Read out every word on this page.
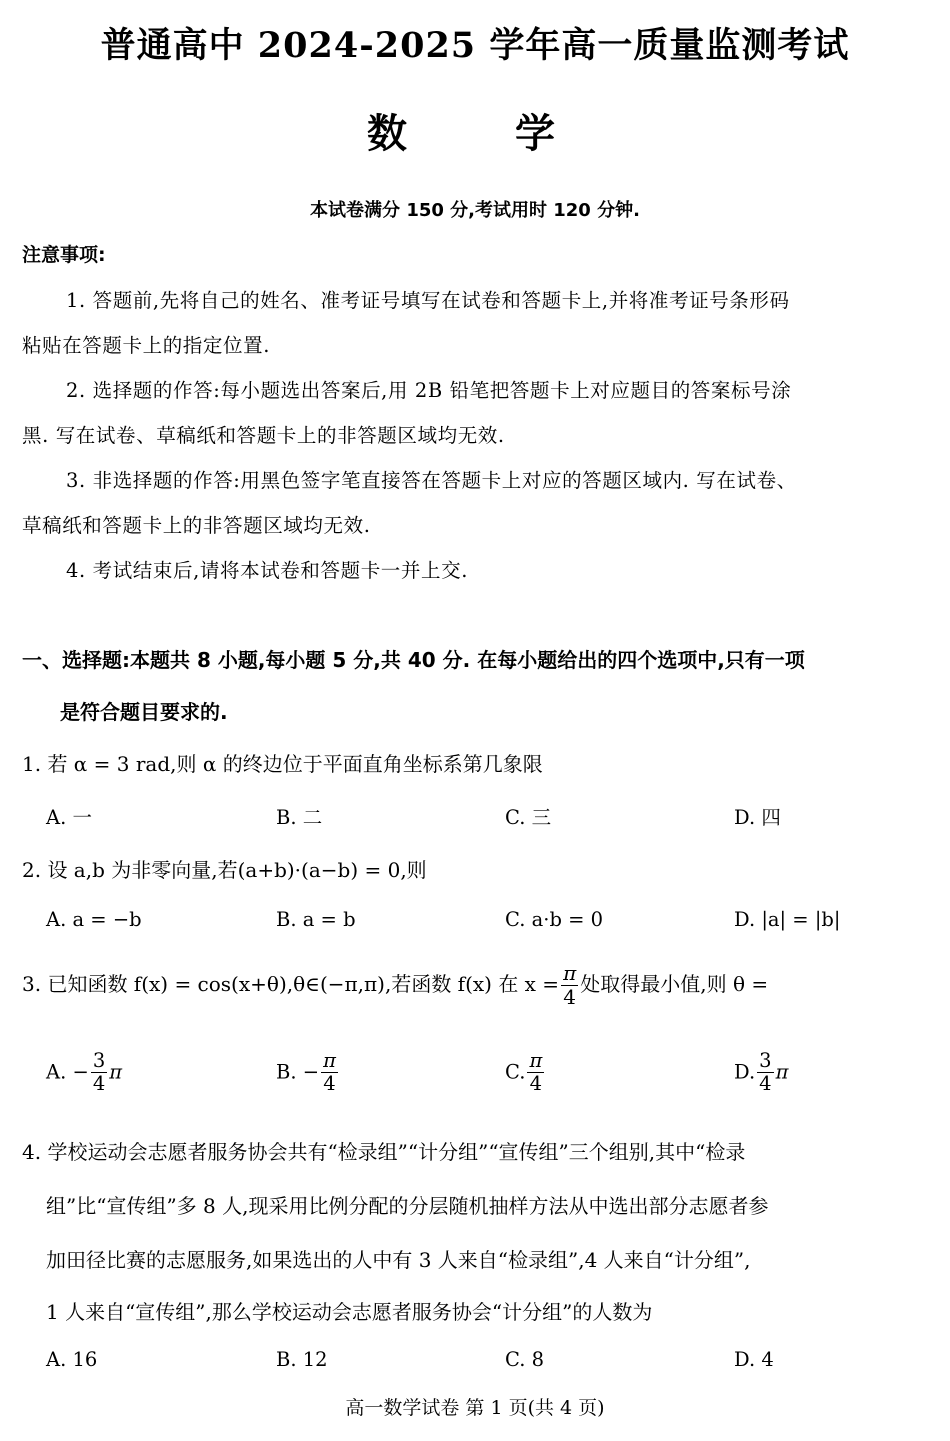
普通高中 2024-2025 学年高一质量监测考试
数 学
本试卷满分 150 分,考试用时 120 分钟.
注意事项:
1. 答题前,先将自己的姓名、准考证号填写在试卷和答题卡上,并将准考证号条形码
粘贴在答题卡上的指定位置.
2. 选择题的作答:每小题选出答案后,用 2B 铅笔把答题卡上对应题目的答案标号涂
黑. 写在试卷、草稿纸和答题卡上的非答题区域均无效.
3. 非选择题的作答:用黑色签字笔直接答在答题卡上对应的答题区域内. 写在试卷、
草稿纸和答题卡上的非答题区域均无效.
4. 考试结束后,请将本试卷和答题卡一并上交.
一、选择题:本题共 8 小题,每小题 5 分,共 40 分. 在每小题给出的四个选项中,只有一项
是符合题目要求的.
1. 若 α = 3 rad,则 α 的终边位于平面直角坐标系第几象限
A. 一	B. 二	C. 三	D. 四
2. 设 a,b 为非零向量,若(a+b)·(a−b) = 0,则
A. a = −b	B. a = b	C. a·b = 0	D. |a| = |b|
3. 已知函数 f(x) = cos(x+θ),θ∈(−π,π),若函数 f(x) 在 $x = \frac{\pi}{4}$ 处取得最小值,则 θ =
A. − $\frac{3}{4}$ π	B. − $\frac{\pi}{4}$	C. $\frac{\pi}{4}$	D. $\frac{3}{4}$ π
4. 学校运动会志愿者服务协会共有“检录组”“计分组”“宣传组”三个组别,其中“检录
组”比“宣传组”多 8 人,现采用比例分配的分层随机抽样方法从中选出部分志愿者参
加田径比赛的志愿服务,如果选出的人中有 3 人来自“检录组”,4 人来自“计分组”,
1 人来自“宣传组”,那么学校运动会志愿者服务协会“计分组”的人数为
A. 16	B. 12	C. 8	D. 4
高一数学试卷 第 1 页(共 4 页)
